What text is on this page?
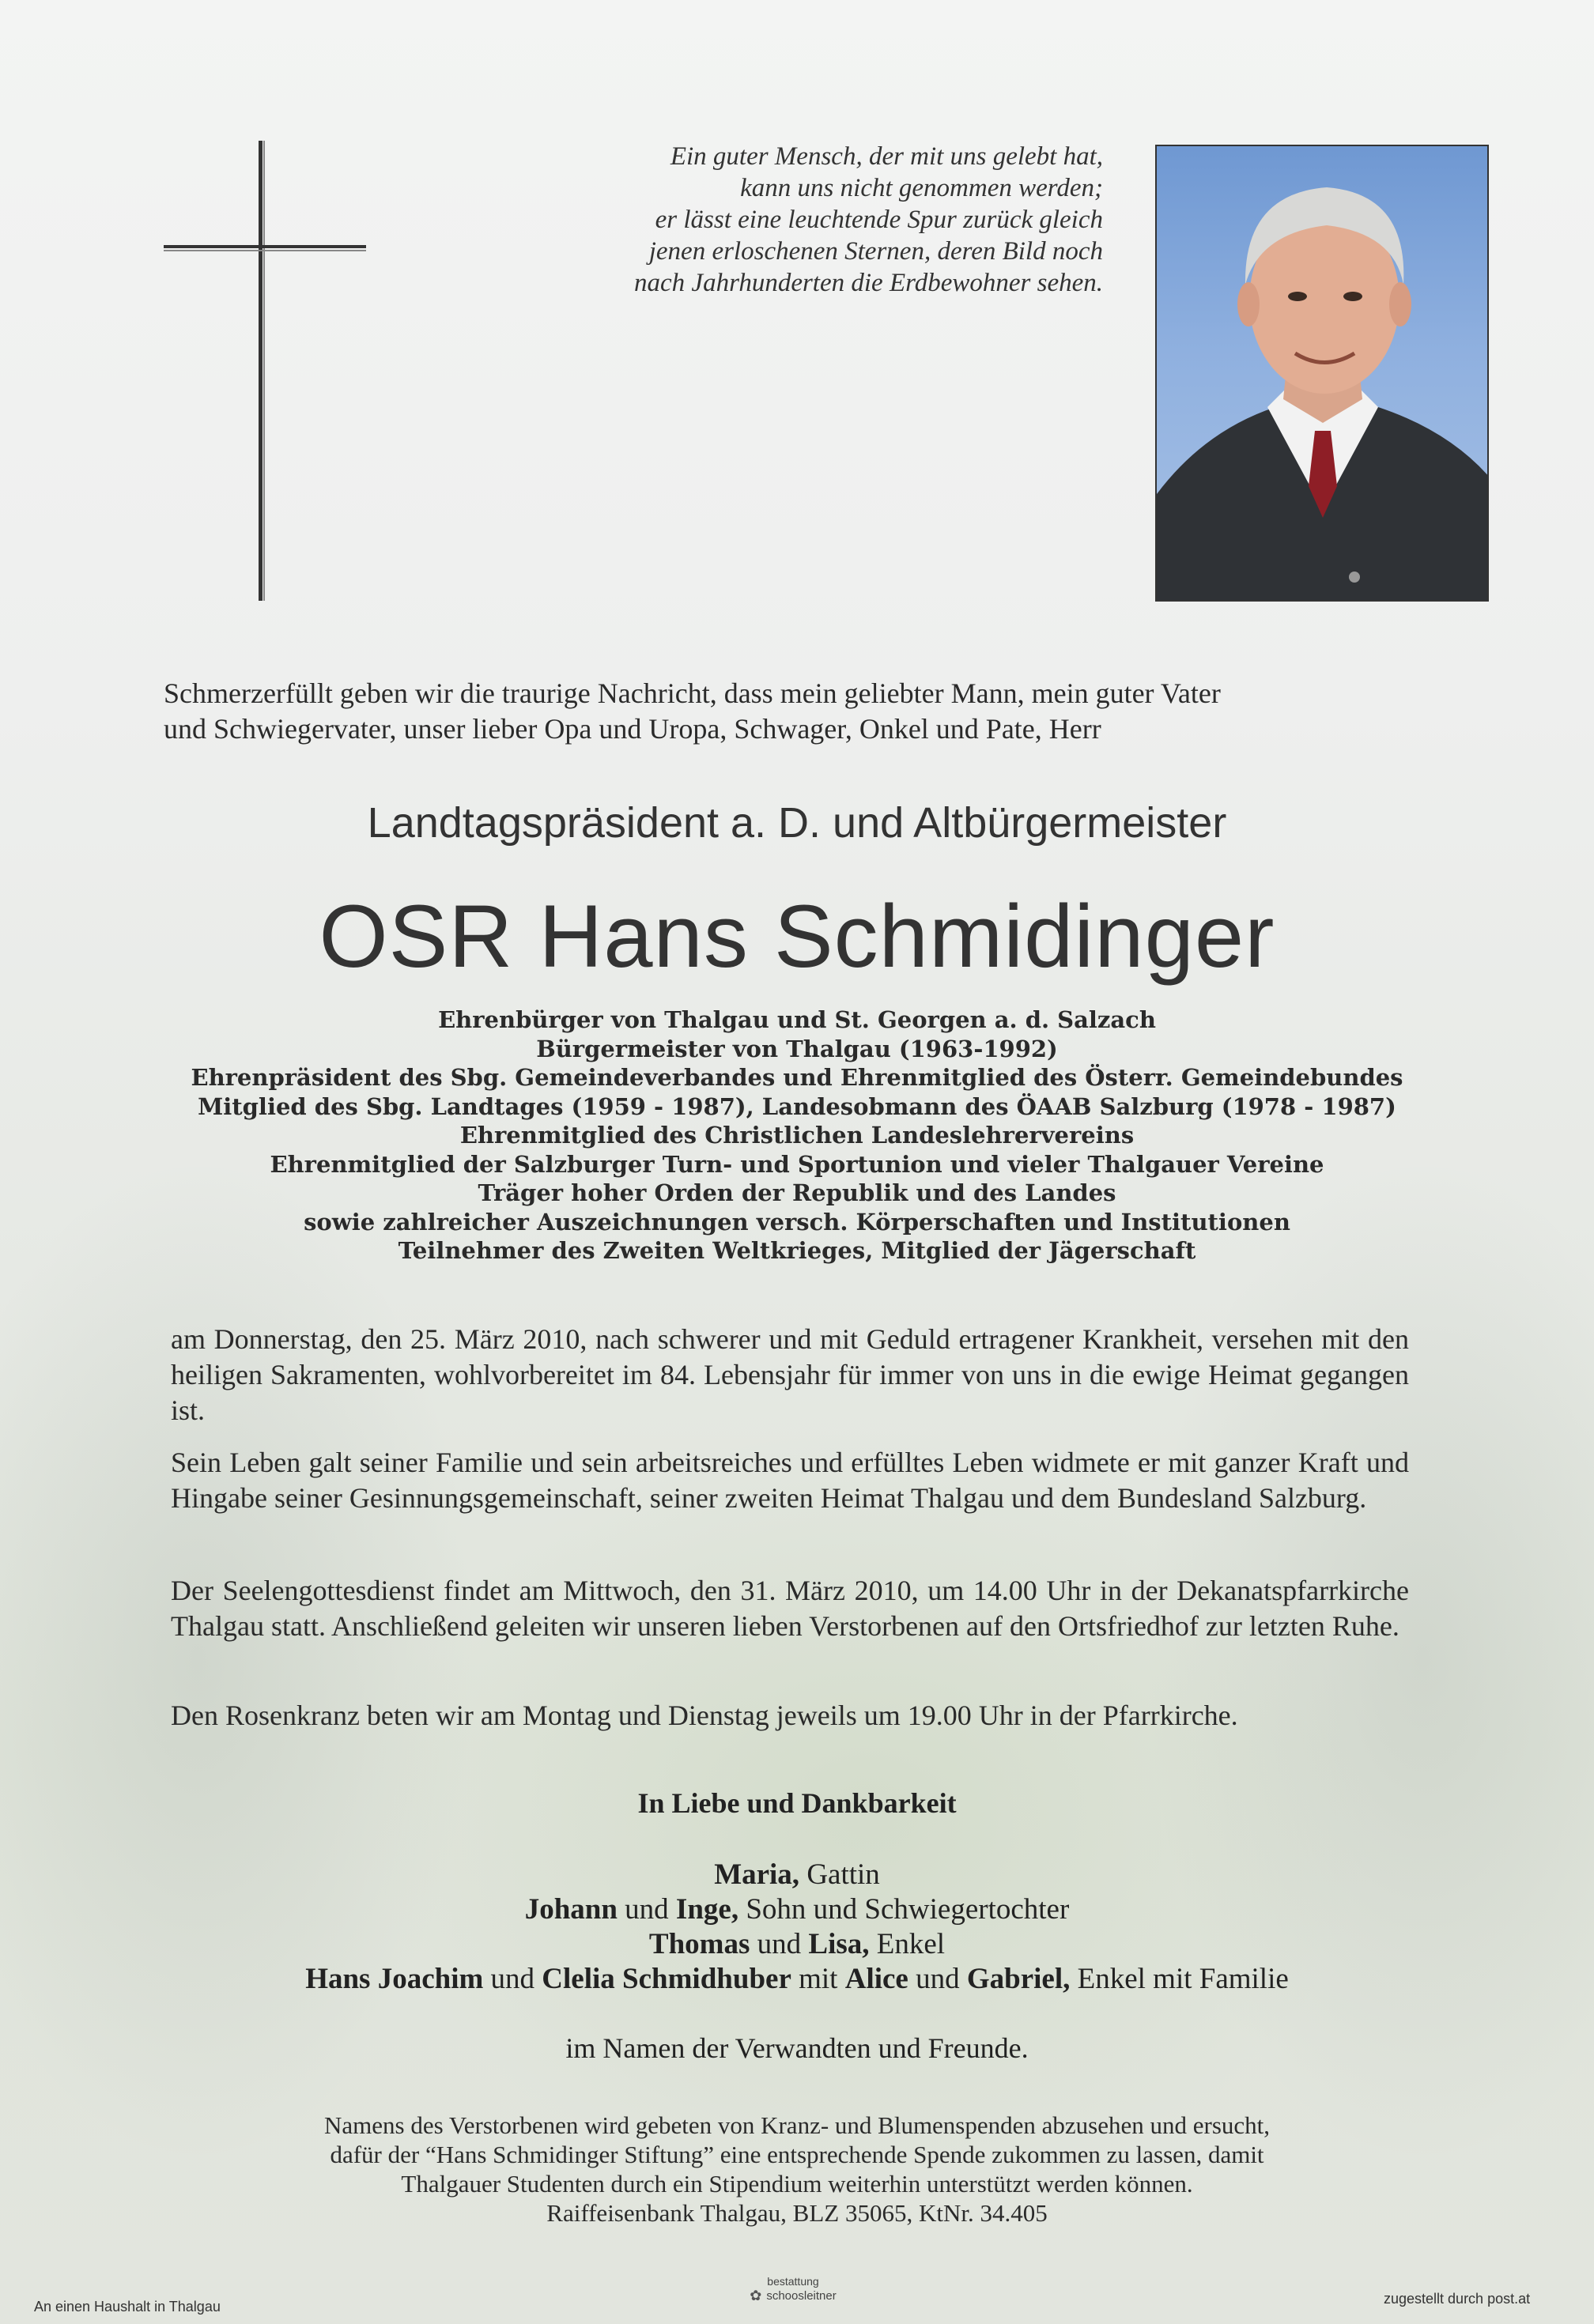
Ein guter Mensch, der mit uns gelebt hat,
kann uns nicht genommen werden;
er lässt eine leuchtende Spur zurück gleich
jenen erloschenen Sternen, deren Bild noch
nach Jahrhunderten die Erdbewohner sehen.
Schmerzerfüllt geben wir die traurige Nachricht, dass mein geliebter Mann, mein guter Vater
und Schwiegervater, unser lieber Opa und Uropa, Schwager, Onkel und Pate, Herr
Landtagspräsident a. D. und Altbürgermeister
OSR Hans Schmidinger
Ehrenbürger von Thalgau und St. Georgen a. d. Salzach
Bürgermeister von Thalgau (1963-1992)
Ehrenpräsident des Sbg. Gemeindeverbandes und Ehrenmitglied des Österr. Gemeindebundes
Mitglied des Sbg. Landtages (1959 - 1987), Landesobmann des ÖAAB Salzburg (1978 - 1987)
Ehrenmitglied des Christlichen Landeslehrervereins
Ehrenmitglied der Salzburger Turn- und Sportunion und vieler Thalgauer Vereine
Träger hoher Orden der Republik und des Landes
sowie zahlreicher Auszeichnungen versch. Körperschaften und Institutionen
Teilnehmer des Zweiten Weltkrieges, Mitglied der Jägerschaft
am Donnerstag, den 25. März 2010, nach schwerer und mit Geduld ertragener Krankheit, versehen mit den heiligen Sakramenten, wohlvorbereitet im 84. Lebensjahr für immer von uns in die ewige Heimat gegangen ist.
Sein Leben galt seiner Familie und sein arbeitsreiches und erfülltes Leben widmete er mit ganzer Kraft und Hingabe seiner Gesinnungsgemeinschaft, seiner zweiten Heimat Thalgau und dem Bundesland Salzburg.
Der Seelengottesdienst findet am Mittwoch, den 31. März 2010, um 14.00 Uhr in der Dekanatspfarrkirche Thalgau statt. Anschließend geleiten wir unseren lieben Verstorbenen auf den Ortsfriedhof zur letzten Ruhe.
Den Rosenkranz beten wir am Montag und Dienstag jeweils um 19.00 Uhr in der Pfarrkirche.
In Liebe und Dankbarkeit
Maria, Gattin
Johann und Inge, Sohn und Schwiegertochter
Thomas und Lisa, Enkel
Hans Joachim und Clelia Schmidhuber mit Alice und Gabriel, Enkel mit Familie
im Namen der Verwandten und Freunde.
Namens des Verstorbenen wird gebeten von Kranz- und Blumenspenden abzusehen und ersucht,
dafür der “Hans Schmidinger Stiftung” eine entsprechende Spende zukommen zu lassen, damit
Thalgauer Studenten durch ein Stipendium weiterhin unterstützt werden können.
Raiffeisenbank Thalgau, BLZ 35065, KtNr. 34.405
An einen Haushalt in Thalgau
bestattung
✿ schoosleitner	zugestellt durch post.at
